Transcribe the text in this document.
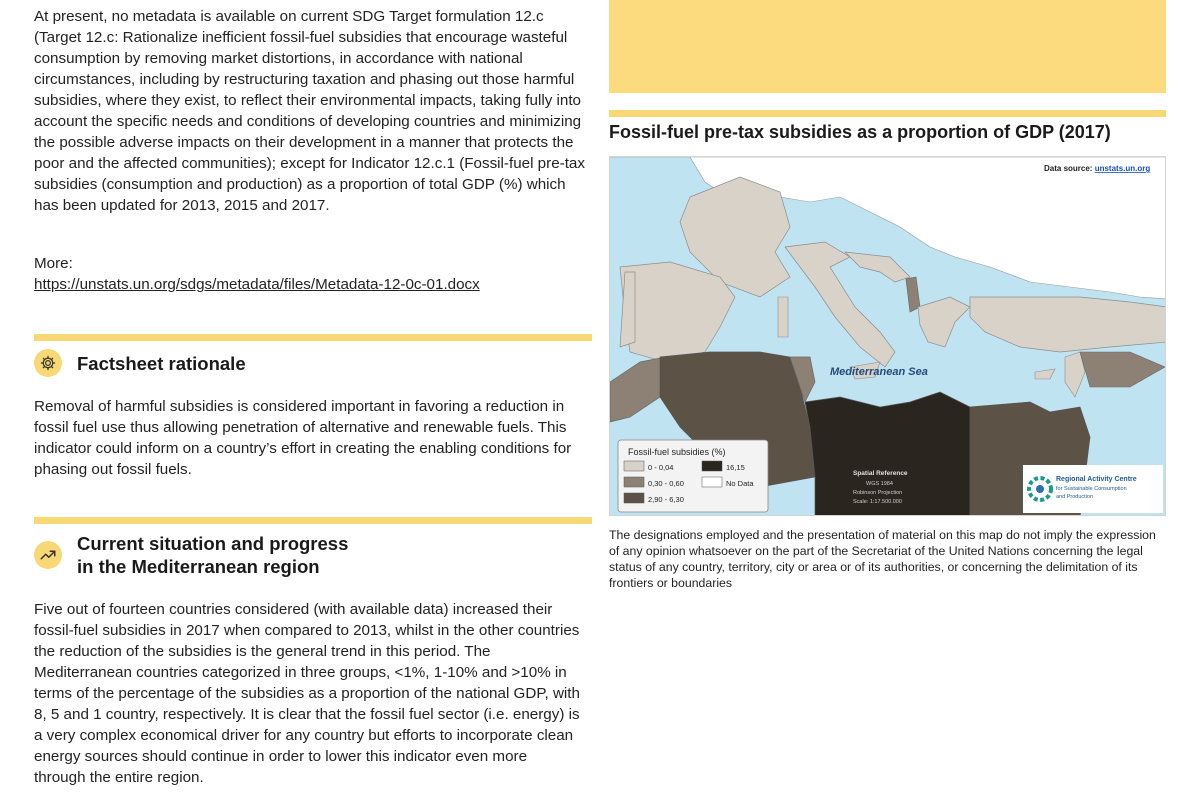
At present, no metadata is available on current SDG Target formulation 12.c (Target 12.c: Rationalize inefficient fossil-fuel subsidies that encourage wasteful consumption by removing market distortions, in accordance with national circumstances, including by restructuring taxation and phasing out those harmful subsidies, where they exist, to reflect their environmental impacts, taking fully into account the specific needs and conditions of developing countries and minimizing the possible adverse impacts on their development in a manner that protects the poor and the affected communities); except for Indicator 12.c.1 (Fossil-fuel pre-tax subsidies (consumption and production) as a proportion of total GDP (%) which has been updated for 2013, 2015 and 2017.

More:
https://unstats.un.org/sdgs/metadata/files/Metadata-12-0c-01.docx

Factsheet rationale

Removal of harmful subsidies is considered important in favoring a reduction in fossil fuel use thus allowing penetration of alternative and renewable fuels. This indicator could inform on a country’s effort in creating the enabling conditions for phasing out fossil fuels.

Current situation and progress
in the Mediterranean region

Five out of fourteen countries considered (with available data) increased their fossil-fuel subsidies in 2017 when compared to 2013, whilst in the other countries the reduction of the subsidies is the general trend in this period. The Mediterranean countries categorized in three groups, <1%, 1-10% and >10% in terms of the percentage of the subsidies as a proportion of the national GDP, with 8, 5 and 1 country, respectively. It is clear that the fossil fuel sector (i.e. energy) is a very complex economical driver for any country but efforts to incorporate clean energy sources should continue in order to lower this indicator even more through the entire region.

Fossil-fuel pre-tax subsidies as a proportion of GDP (2017)
Mediterranean Sea
Data source: unstats.un.org
Fossil-fuel subsidies (%)
0 - 0,04	16,15
0,30 - 0,60	No Data
2,90 - 6,30
Spatial Reference
WGS 1984
Robinson Projection
Scale: 1:17.500.000
Regional Activity Centre
for Sustainable Consumption
and Production
The designations employed and the presentation of material on this map do not imply the expression of any opinion whatsoever on the part of the Secretariat of the United Nations concerning the legal status of any country, territory, city or area or of its authorities, or concerning the delimitation of its frontiers or boundaries
